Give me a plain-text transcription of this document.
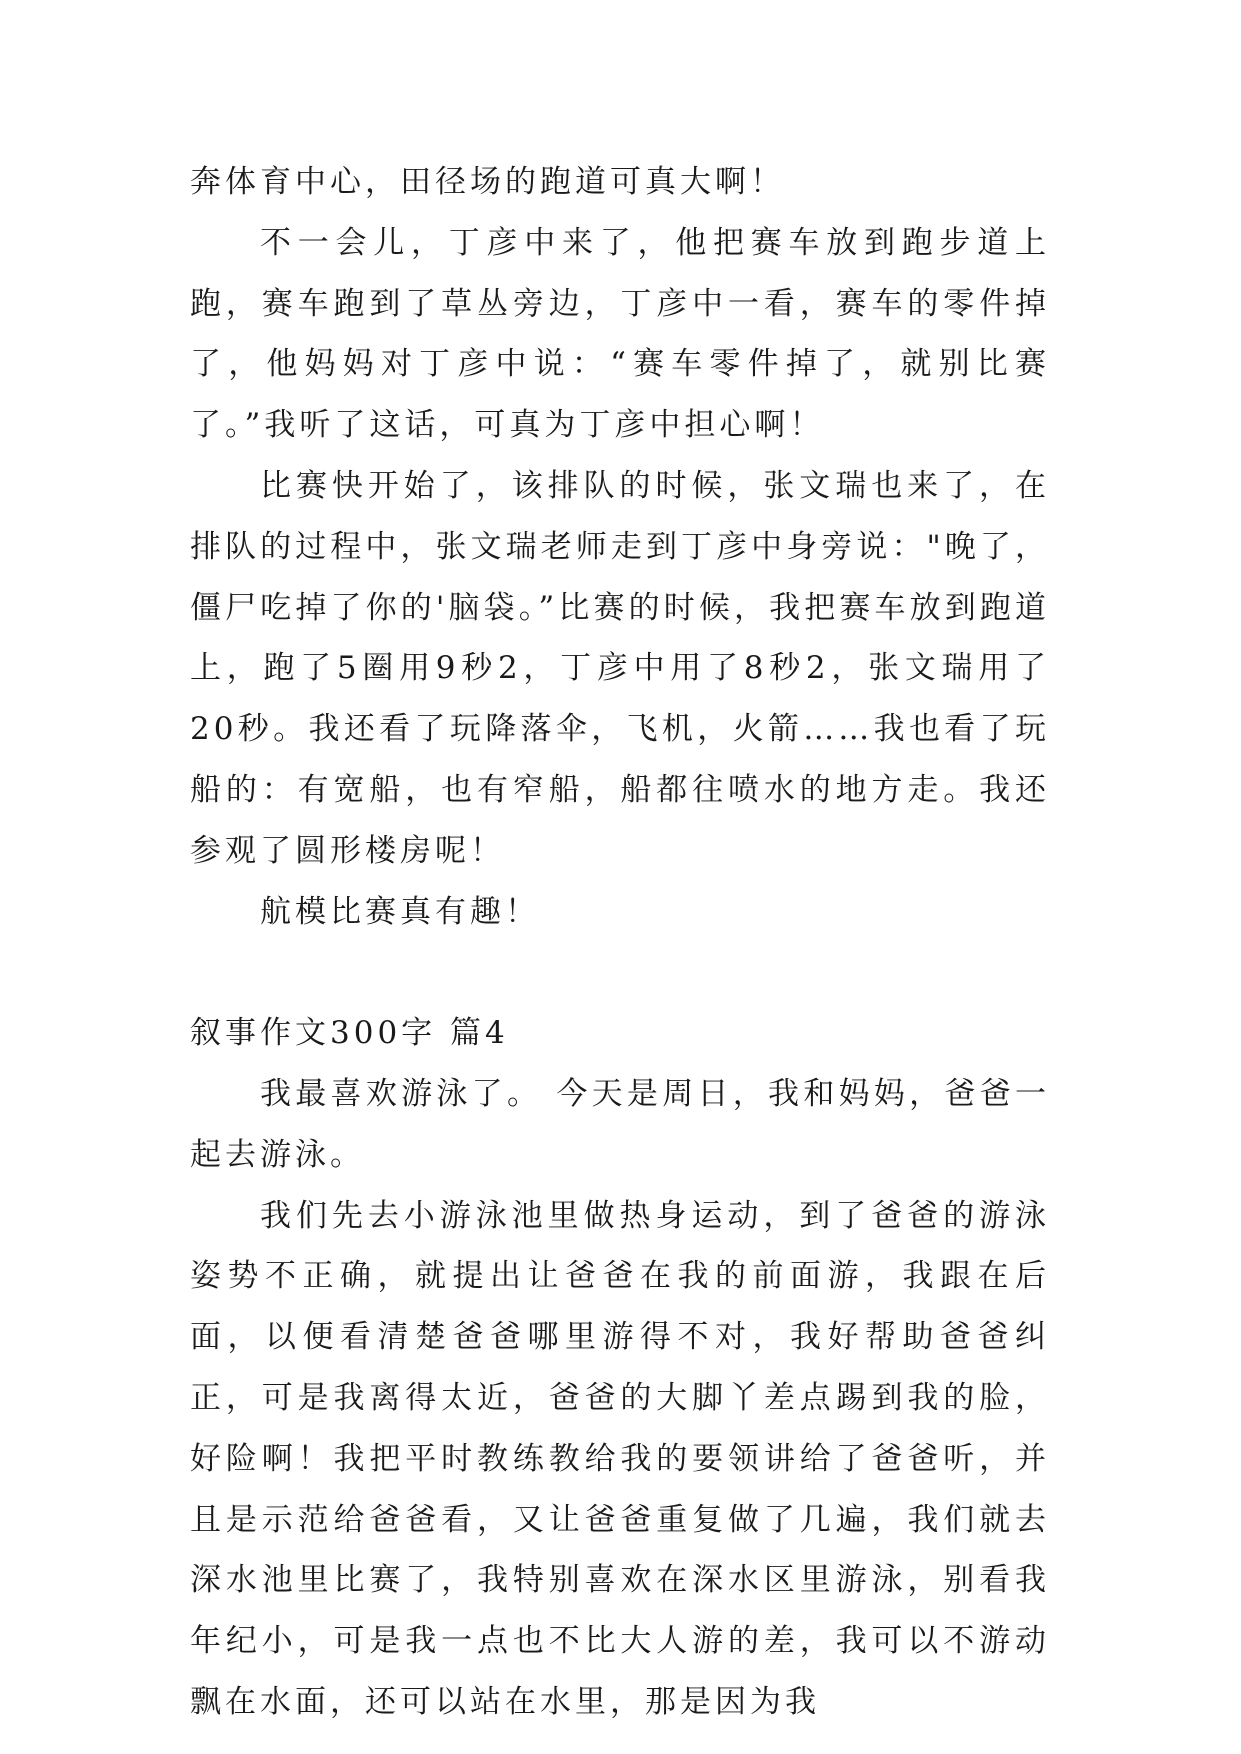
奔体育中心，田径场的跑道可真大啊！

不一会儿，丁彦中来了，他把赛车放到跑步道上跑，赛车跑到了草丛旁边，丁彦中一看，赛车的零件掉了，他妈妈对丁彦中说：“赛车零件掉了，就别比赛了。”我听了这话，可真为丁彦中担心啊！

比赛快开始了，该排队的时候，张文瑞也来了，在排队的过程中，张文瑞老师走到丁彦中身旁说："晚了，僵尸吃掉了你的'脑袋。”比赛的时候，我把赛车放到跑道上，跑了5圈用9秒2，丁彦中用了8秒2，张文瑞用了20秒。我还看了玩降落伞，飞机，火箭……我也看了玩船的：有宽船，也有窄船，船都往喷水的地方走。我还参观了圆形楼房呢！

航模比赛真有趣！

叙事作文300字 篇4

我最喜欢游泳了。 今天是周日，我和妈妈，爸爸一起去游泳。

我们先去小游泳池里做热身运动，到了爸爸的游泳姿势不正确，就提出让爸爸在我的前面游，我跟在后面，以便看清楚爸爸哪里游得不对，我好帮助爸爸纠正，可是我离得太近，爸爸的大脚丫差点踢到我的脸，好险啊！我把平时教练教给我的要领讲给了爸爸听，并且是示范给爸爸看，又让爸爸重复做了几遍，我们就去深水池里比赛了，我特别喜欢在深水区里游泳，别看我年纪小，可是我一点也不比大人游的差，我可以不游动飘在水面，还可以站在水里，那是因为我
